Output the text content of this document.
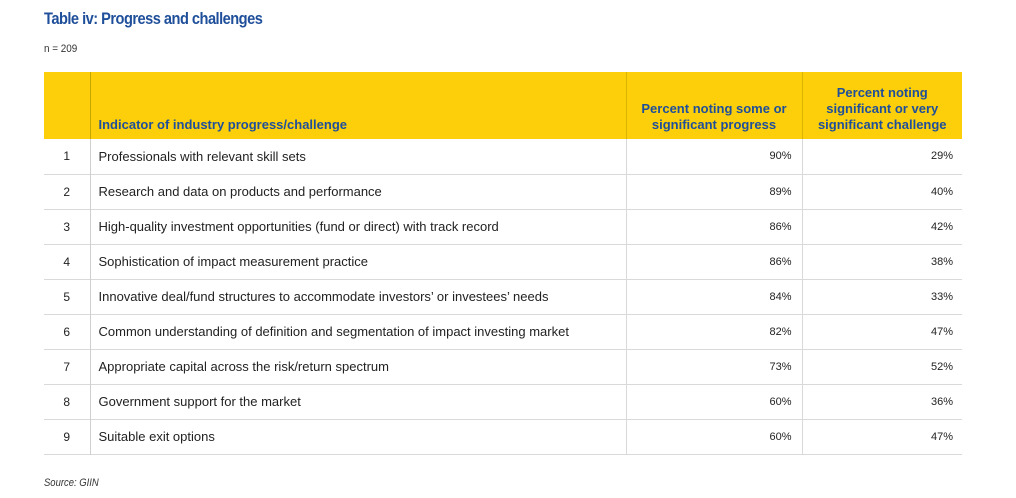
Table iv: Progress and challenges
n = 209
	Indicator of industry progress/challenge	Percent noting some or significant progress	Percent noting significant or very significant challenge
1	Professionals with relevant skill sets	90%	29%
2	Research and data on products and performance	89%	40%
3	High-quality investment opportunities (fund or direct) with track record	86%	42%
4	Sophistication of impact measurement practice	86%	38%
5	Innovative deal/fund structures to accommodate investors’ or investees’ needs	84%	33%
6	Common understanding of definition and segmentation of impact investing market	82%	47%
7	Appropriate capital across the risk/return spectrum	73%	52%
8	Government support for the market	60%	36%
9	Suitable exit options	60%	47%
Source: GIIN
